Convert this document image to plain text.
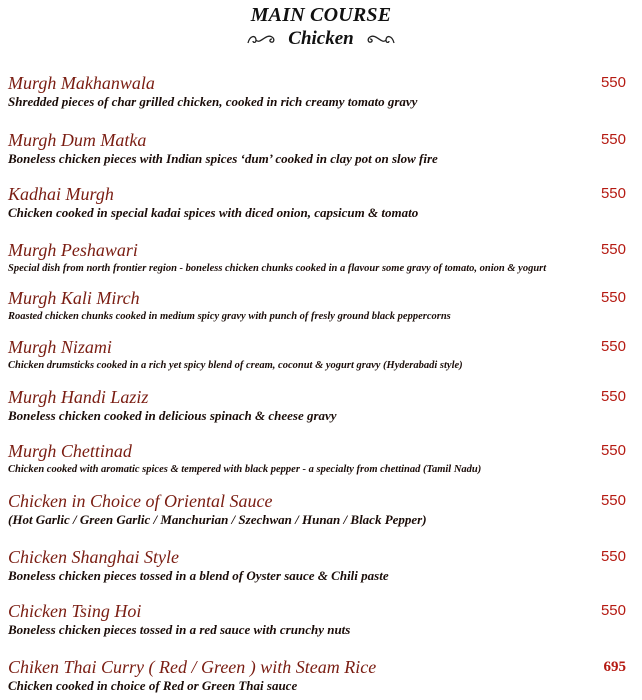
MAIN COURSE
Chicken
Murgh Makhanwala
Shredded pieces of char grilled chicken, cooked in rich creamy tomato gravy
550
Murgh Dum Matka
Boneless chicken pieces with Indian spices ‘dum’ cooked in clay pot on slow fire
550
Kadhai Murgh
Chicken cooked in special kadai spices with diced onion, capsicum & tomato
550
Murgh Peshawari
Special dish from north frontier region - boneless chicken chunks cooked in a flavour some gravy of tomato, onion & yogurt
550
Murgh Kali Mirch
Roasted chicken chunks cooked in medium spicy gravy with punch of fresly ground black peppercorns
550
Murgh Nizami
Chicken drumsticks cooked in a rich yet spicy blend of cream, coconut & yogurt gravy (Hyderabadi style)
550
Murgh Handi Laziz
Boneless chicken cooked in delicious spinach & cheese gravy
550
Murgh Chettinad
Chicken cooked with aromatic spices & tempered with black pepper - a specialty from chettinad (Tamil Nadu)
550
Chicken in Choice of Oriental Sauce
(Hot Garlic / Green Garlic / Manchurian / Szechwan / Hunan / Black Pepper)
550
Chicken Shanghai Style
Boneless chicken pieces tossed in a blend of Oyster sauce & Chili paste
550
Chicken Tsing Hoi
Boneless chicken pieces tossed in a red sauce with crunchy nuts
550
Chiken Thai Curry ( Red / Green ) with Steam Rice
Chicken cooked in choice of Red or Green Thai sauce
695
